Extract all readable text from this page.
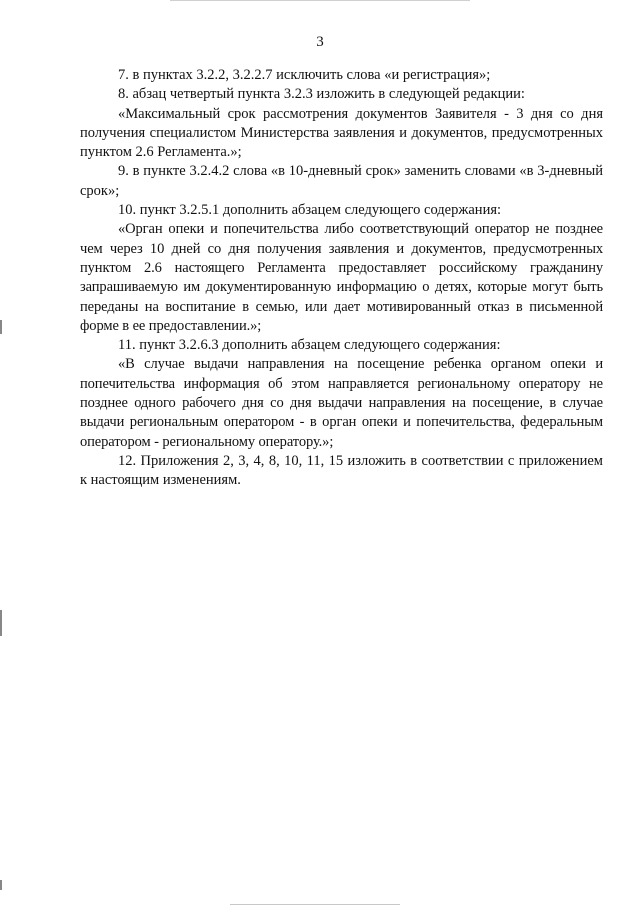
3

7. в пунктах 3.2.2, 3.2.2.7 исключить слова «и регистрация»;

8. абзац четвертый пункта 3.2.3 изложить в следующей редакции:

«Максимальный срок рассмотрения документов Заявителя - 3 дня со дня получения специалистом Министерства заявления и документов, предусмотренных пунктом 2.6 Регламента.»;

9. в пункте 3.2.4.2 слова «в 10-дневный срок» заменить словами «в 3-дневный срок»;

10. пункт 3.2.5.1 дополнить абзацем следующего содержания:

«Орган опеки и попечительства либо соответствующий оператор не позднее чем через 10 дней со дня получения заявления и документов, предусмотренных пунктом 2.6 настоящего Регламента предоставляет российскому гражданину запрашиваемую им документированную информацию о детях, которые могут быть переданы на воспитание в семью, или дает мотивированный отказ в письменной форме в ее предоставлении.»;

11. пункт 3.2.6.3 дополнить абзацем следующего содержания:

«В случае выдачи направления на посещение ребенка органом опеки и попечительства информация об этом направляется региональному оператору не позднее одного рабочего дня со дня выдачи направления на посещение, в случае выдачи региональным оператором - в орган опеки и попечительства, федеральным оператором - региональному оператору.»;

12. Приложения 2, 3, 4, 8, 10, 11, 15 изложить в соответствии с приложением к настоящим изменениям.
